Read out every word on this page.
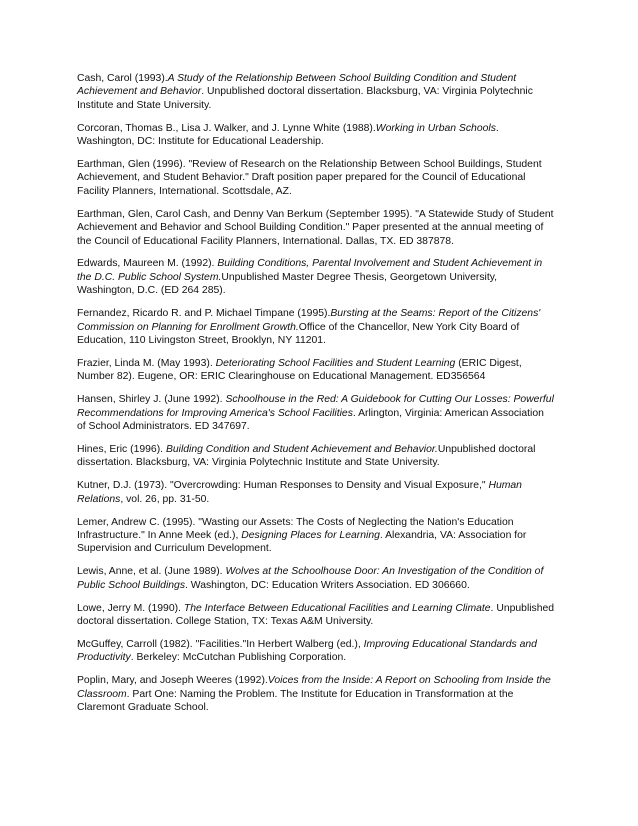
Cash, Carol (1993).A Study of the Relationship Between School Building Condition and Student Achievement and Behavior. Unpublished doctoral dissertation. Blacksburg, VA: Virginia Polytechnic Institute and State University.
Corcoran, Thomas B., Lisa J. Walker, and J. Lynne White (1988).Working in Urban Schools. Washington, DC: Institute for Educational Leadership.
Earthman, Glen (1996). "Review of Research on the Relationship Between School Buildings, Student Achievement, and Student Behavior." Draft position paper prepared for the Council of Educational Facility Planners, International. Scottsdale, AZ.
Earthman, Glen, Carol Cash, and Denny Van Berkum (September 1995). "A Statewide Study of Student Achievement and Behavior and School Building Condition." Paper presented at the annual meeting of the Council of Educational Facility Planners, International. Dallas, TX. ED 387878.
Edwards, Maureen M. (1992). Building Conditions, Parental Involvement and Student Achievement in the D.C. Public School System.Unpublished Master Degree Thesis, Georgetown University, Washington, D.C. (ED 264 285).
Fernandez, Ricardo R. and P. Michael Timpane (1995).Bursting at the Seams: Report of the Citizens' Commission on Planning for Enrollment Growth.Office of the Chancellor, New York City Board of Education, 110 Livingston Street, Brooklyn, NY 11201.
Frazier, Linda M. (May 1993). Deteriorating School Facilities and Student Learning (ERIC Digest, Number 82). Eugene, OR: ERIC Clearinghouse on Educational Management. ED356564
Hansen, Shirley J. (June 1992). Schoolhouse in the Red: A Guidebook for Cutting Our Losses: Powerful Recommendations for Improving America's School Facilities. Arlington, Virginia: American Association of School Administrators. ED 347697.
Hines, Eric (1996). Building Condition and Student Achievement and Behavior.Unpublished doctoral dissertation. Blacksburg, VA: Virginia Polytechnic Institute and State University.
Kutner, D.J. (1973). "Overcrowding: Human Responses to Density and Visual Exposure," Human Relations, vol. 26, pp. 31-50.
Lemer, Andrew C. (1995). "Wasting our Assets: The Costs of Neglecting the Nation's Education Infrastructure." In Anne Meek (ed.), Designing Places for Learning. Alexandria, VA: Association for Supervision and Curriculum Development.
Lewis, Anne, et al. (June 1989). Wolves at the Schoolhouse Door: An Investigation of the Condition of Public School Buildings. Washington, DC: Education Writers Association. ED 306660.
Lowe, Jerry M. (1990). The Interface Between Educational Facilities and Learning Climate. Unpublished doctoral dissertation. College Station, TX: Texas A&M University.
McGuffey, Carroll (1982). "Facilities."In Herbert Walberg (ed.), Improving Educational Standards and Productivity. Berkeley: McCutchan Publishing Corporation.
Poplin, Mary, and Joseph Weeres (1992).Voices from the Inside: A Report on Schooling from Inside the Classroom. Part One: Naming the Problem. The Institute for Education in Transformation at the Claremont Graduate School.
